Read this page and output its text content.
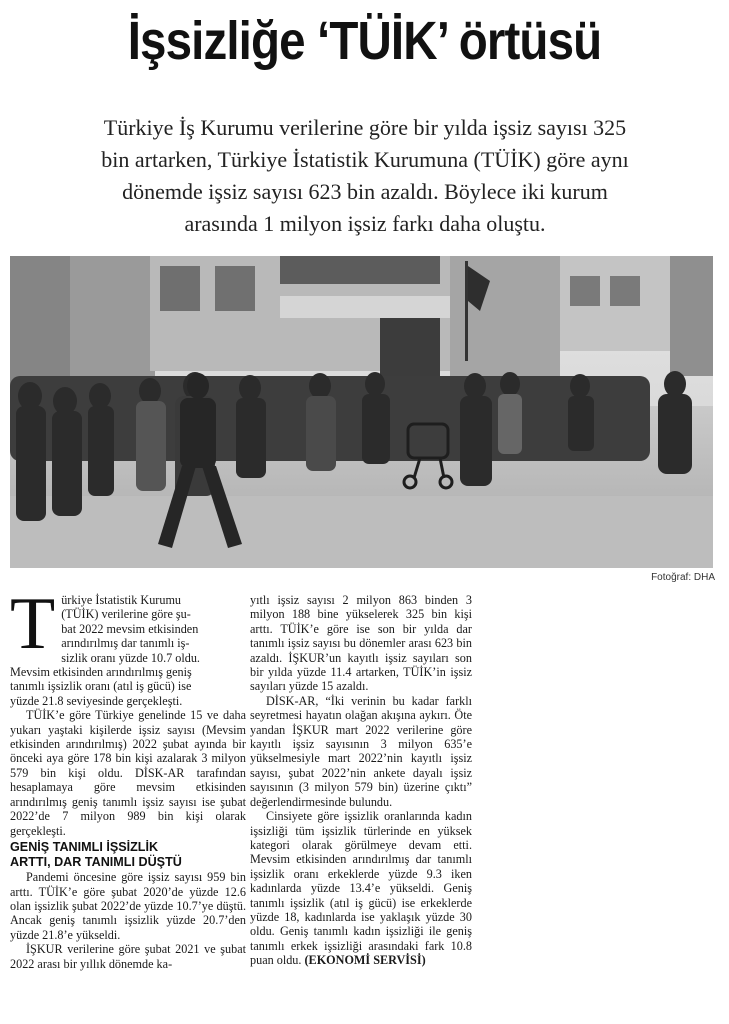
İşsizliğe ‘TÜİK’ örtüsü
Türkiye İş Kurumu verilerine göre bir yılda işsiz sayısı 325
bin artarken, Türkiye İstatistik Kurumuna (TÜİK) göre aynı
dönemde işsiz sayısı 623 bin azaldı. Böylece iki kurum
arasında 1 milyon işsiz farkı daha oluştu.
Fotoğraf: DHA
T ürkiye İstatistik Kurumu
(TÜİK) verilerine göre şu-
bat 2022 mevsim etkisinden
arındırılmış dar tanımlı iş-
sizlik oranı yüzde 10.7 oldu.
Mevsim etkisinden arındırılmış geniş
tanımlı işsizlik oranı (atıl iş gücü) ise
yüzde 21.8 seviyesinde gerçekleşti.

TÜİK’e göre Türkiye genelinde 15 ve daha yukarı yaştaki kişilerde işsiz sayısı (Mevsim etkisinden arındırılmış) 2022 şubat ayında bir önceki aya göre 178 bin kişi azalarak 3 milyon 579 bin kişi oldu. DİSK-AR tarafından hesaplamaya göre mevsim etkisinden arındırılmış geniş tanımlı işsiz sayısı ise şubat 2022’de 7 milyon 989 bin kişi olarak gerçekleşti.

GENİŞ TANIMLI İŞSİZLİK
ARTTI, DAR TANIMLI DÜŞTÜ

Pandemi öncesine göre işsiz sayısı 959 bin arttı. TÜİK’e göre şubat 2020’de yüzde 12.6 olan işsizlik şubat 2022’de yüzde 10.7’ye düştü. Ancak geniş tanımlı işsizlik yüzde 20.7’den yüzde 21.8’e yükseldi.

İŞKUR verilerine göre şubat 2021 ve şubat 2022 arası bir yıllık dönemde ka-

yıtlı işsiz sayısı 2 milyon 863 binden 3 milyon 188 bine yükselerek 325 bin kişi arttı. TÜİK’e göre ise son bir yılda dar tanımlı işsiz sayısı bu dönemler arası 623 bin azaldı. İŞKUR’un kayıtlı işsiz sayıları son bir yılda yüzde 11.4 artarken, TÜİK’in işsiz sayıları yüzde 15 azaldı.

DİSK-AR, “İki verinin bu kadar farklı seyretmesi hayatın olağan akışına aykırı. Öte yandan İŞKUR mart 2022 verilerine göre kayıtlı işsiz sayısının 3 milyon 635’e yükselmesiyle mart 2022’nin kayıtlı işsiz sayısı, şubat 2022’nin ankete dayalı işsiz sayısının (3 milyon 579 bin) üzerine çıktı” değerlendirmesinde bulundu.

Cinsiyete göre işsizlik oranlarında kadın işsizliği tüm işsizlik türlerinde en yüksek kategori olarak görülmeye devam etti. Mevsim etkisinden arındırılmış dar tanımlı işsizlik oranı erkeklerde yüzde 9.3 iken kadınlarda yüzde 13.4’e yükseldi. Geniş tanımlı işsizlik (atıl iş gücü) ise erkeklerde yüzde 18, kadınlarda ise yaklaşık yüzde 30 oldu. Geniş tanımlı kadın işsizliği ile geniş tanımlı erkek işsizliği arasındaki fark 10.8 puan oldu. (EKONOMİ SERVİSİ)
